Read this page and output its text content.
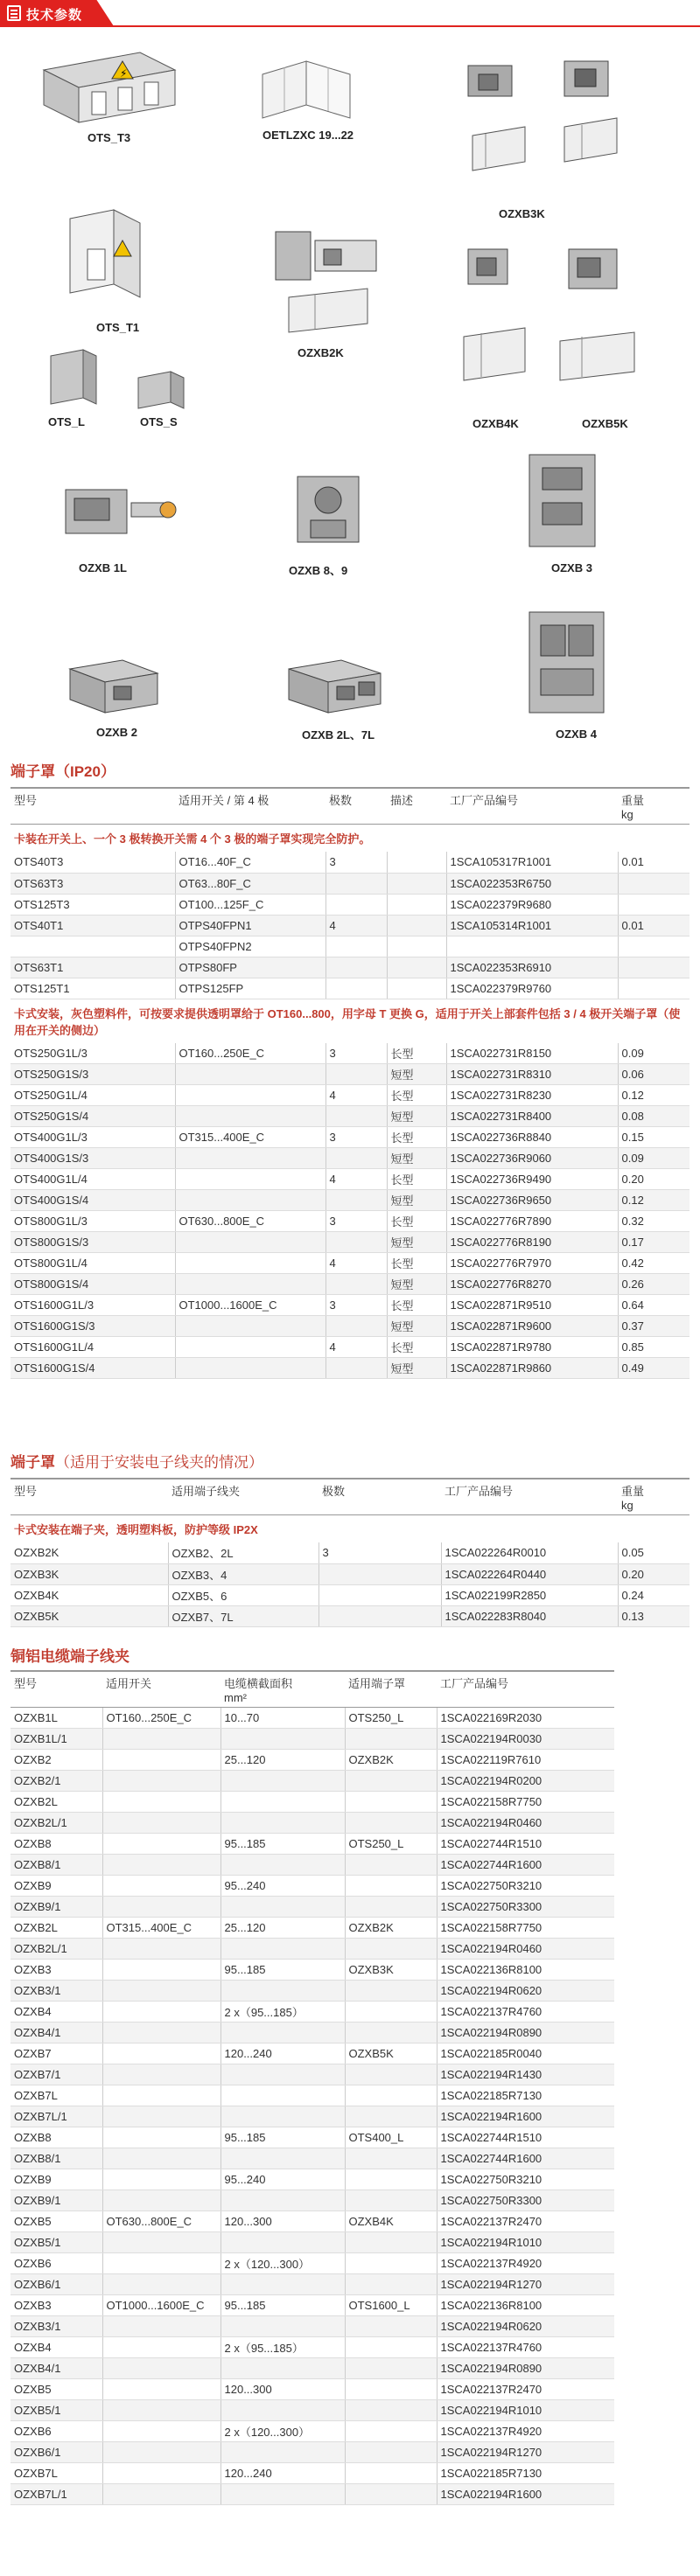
技术参数
⚡
OTS_T3	OETLZXC 19...22
OZXB3K
OTS_T1
OZXB2K
OTS_L	OTS_S	OZXB4K	OZXB5K
OZXB 1L	OZXB 8、9	OZXB 3
OZXB 2	OZXB 2L、7L	OZXB 4
端子罩（IP20）
型号	适用开关 / 第 4 极	极数	描述	工厂产品编号	重量
kg
卡装在开关上、一个 3 极转换开关需 4 个 3 极的端子罩实现完全防护。					
OTS40T3	OT16...40F_C	3		1SCA105317R1001	0.01
OTS63T3	OT63...80F_C			1SCA022353R6750	
OTS125T3	OT100...125F_C			1SCA022379R9680	
OTS40T1	OTPS40FPN1	4		1SCA105314R1001	0.01
	OTPS40FPN2				
OTS63T1	OTPS80FP			1SCA022353R6910	
OTS125T1	OTPS125FP			1SCA022379R9760	
卡式安装，灰色塑料件，可按要求提供透明罩给于 OT160...800，用字母 T 更换 G，适用于开关上部套件包括 3 / 4 极开关端子罩（使用在开关的侧边）					
OTS250G1L/3	OT160...250E_C	3	长型	1SCA022731R8150	0.09
OTS250G1S/3			短型	1SCA022731R8310	0.06
OTS250G1L/4		4	长型	1SCA022731R8230	0.12
OTS250G1S/4			短型	1SCA022731R8400	0.08
OTS400G1L/3	OT315...400E_C	3	长型	1SCA022736R8840	0.15
OTS400G1S/3			短型	1SCA022736R9060	0.09
OTS400G1L/4		4	长型	1SCA022736R9490	0.20
OTS400G1S/4			短型	1SCA022736R9650	0.12
OTS800G1L/3	OT630...800E_C	3	长型	1SCA022776R7890	0.32
OTS800G1S/3			短型	1SCA022776R8190	0.17
OTS800G1L/4		4	长型	1SCA022776R7970	0.42
OTS800G1S/4			短型	1SCA022776R8270	0.26
OTS1600G1L/3	OT1000...1600E_C	3	长型	1SCA022871R9510	0.64
OTS1600G1S/3			短型	1SCA022871R9600	0.37
OTS1600G1L/4		4	长型	1SCA022871R9780	0.85
OTS1600G1S/4			短型	1SCA022871R9860	0.49
端子罩（适用于安装电子线夹的情况）
型号	适用端子线夹	极数	工厂产品编号	重量
kg
卡式安装在端子夹，透明塑料板，防护等级 IP2X				
OZXB2K	OZXB2、2L	3	1SCA022264R0010	0.05
OZXB3K	OZXB3、4		1SCA022264R0440	0.20
OZXB4K	OZXB5、6		1SCA022199R2850	0.24
OZXB5K	OZXB7、7L		1SCA022283R8040	0.13
铜铝电缆端子线夹
型号	适用开关	电缆横截面积
mm²	适用端子罩	工厂产品编号
OZXB1L	OT160...250E_C	10...70	OTS250_L	1SCA022169R2030
OZXB1L/1				1SCA022194R0030
OZXB2		25...120	OZXB2K	1SCA022119R7610
OZXB2/1				1SCA022194R0200
OZXB2L				1SCA022158R7750
OZXB2L/1				1SCA022194R0460
OZXB8		95...185	OTS250_L	1SCA022744R1510
OZXB8/1				1SCA022744R1600
OZXB9		95...240		1SCA022750R3210
OZXB9/1				1SCA022750R3300
OZXB2L	OT315...400E_C	25...120	OZXB2K	1SCA022158R7750
OZXB2L/1				1SCA022194R0460
OZXB3		95...185	OZXB3K	1SCA022136R8100
OZXB3/1				1SCA022194R0620
OZXB4		2 x（95...185）		1SCA022137R4760
OZXB4/1				1SCA022194R0890
OZXB7		120...240	OZXB5K	1SCA022185R0040
OZXB7/1				1SCA022194R1430
OZXB7L				1SCA022185R7130
OZXB7L/1				1SCA022194R1600
OZXB8		95...185	OTS400_L	1SCA022744R1510
OZXB8/1				1SCA022744R1600
OZXB9		95...240		1SCA022750R3210
OZXB9/1				1SCA022750R3300
OZXB5	OT630...800E_C	120...300	OZXB4K	1SCA022137R2470
OZXB5/1				1SCA022194R1010
OZXB6		2 x（120...300）		1SCA022137R4920
OZXB6/1				1SCA022194R1270
OZXB3	OT1000...1600E_C	95...185	OTS1600_L	1SCA022136R8100
OZXB3/1				1SCA022194R0620
OZXB4		2 x（95...185）		1SCA022137R4760
OZXB4/1				1SCA022194R0890
OZXB5		120...300		1SCA022137R2470
OZXB5/1				1SCA022194R1010
OZXB6		2 x（120...300）		1SCA022137R4920
OZXB6/1				1SCA022194R1270
OZXB7L		120...240		1SCA022185R7130
OZXB7L/1				1SCA022194R1600
